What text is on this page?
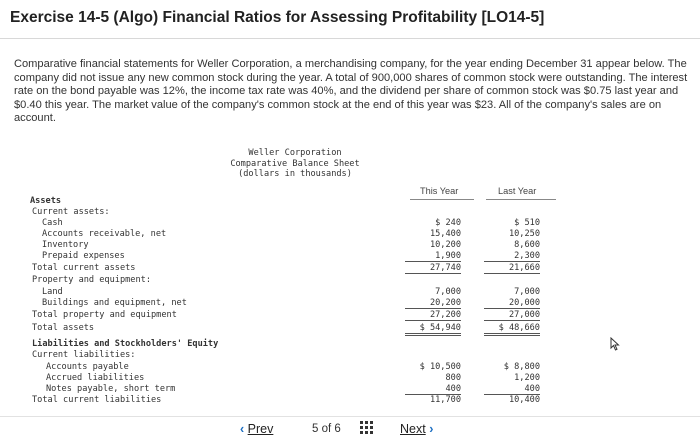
Exercise 14-5 (Algo) Financial Ratios for Assessing Profitability [LO14-5]
Comparative financial statements for Weller Corporation, a merchandising company, for the year ending December 31 appear below. The company did not issue any new common stock during the year. A total of 900,000 shares of common stock were outstanding. The interest rate on the bond payable was 12%, the income tax rate was 40%, and the dividend per share of common stock was $0.75 last year and $0.40 this year. The market value of the company's common stock at the end of this year was $23. All of the company's sales are on account.
Weller Corporation
Comparative Balance Sheet
(dollars in thousands)
This Year	Last Year
Assets
Current assets:
Cash	$ 240	$ 510
Accounts receivable, net	15,400	10,250
Inventory	10,200	8,600
Prepaid expenses	1,900	2,300
Total current assets	27,740	21,660
Property and equipment:
Land	7,000	7,000
Buildings and equipment, net	20,200	20,000
Total property and equipment	27,200	27,000
Total assets	$ 54,940	$ 48,660
Liabilities and Stockholders' Equity
Current liabilities:
Accounts payable	$ 10,500	$ 8,800
Accrued liabilities	800	1,200
Notes payable, short term	400	400
Total current liabilities	11,700	10,400
‹ Prev	5 of 6	Next ›
